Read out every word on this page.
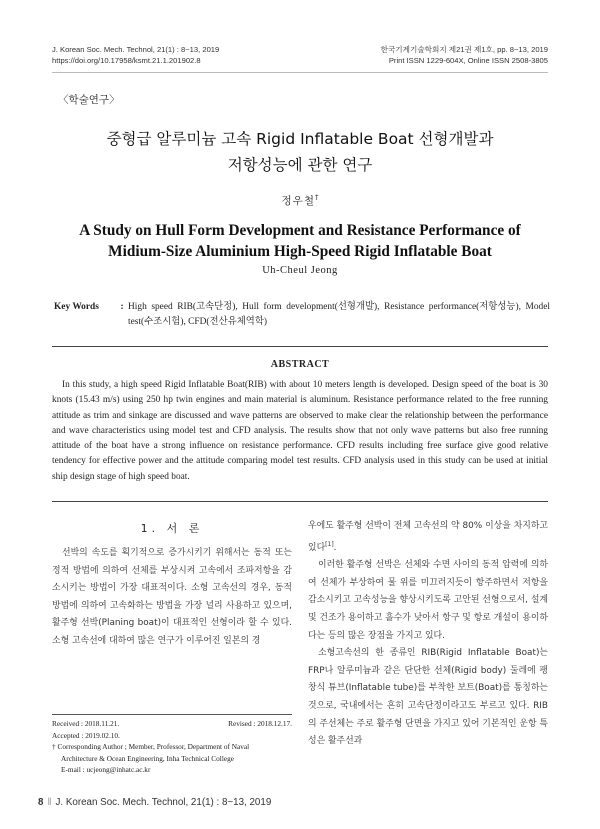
J. Korean Soc. Mech. Technol, 21(1) : 8~13, 2019
https://doi.org/10.17958/ksmt.21.1.201902.8
한국기계기술학회지 제21권 제1호, pp. 8~13, 2019
Print ISSN 1229-604X, Online ISSN 2508-3805
〈학술연구〉
중형급 알루미늄 고속 Rigid Inflatable Boat 선형개발과
저항성능에 관한 연구
정우철†
A Study on Hull Form Development and Resistance Performance of
Midium-Size Aluminium High-Speed Rigid Inflatable Boat
Uh-Cheul Jeong
Key Words	: High speed RIB(고속단정), Hull form development(선형개발), Resistance performance(저항성능), Model test(수조시험), CFD(전산유체역학)
ABSTRACT
In this study, a high speed Rigid Inflatable Boat(RIB) with about 10 meters length is developed. Design speed of the boat is 30 knots (15.43 m/s) using 250 hp twin engines and main material is aluminum. Resistance performance related to the free running attitude as trim and sinkage are discussed and wave patterns are observed to make clear the relationship between the performance and wave characteristics using model test and CFD analysis. The results show that not only wave patterns but also free running attitude of the boat have a strong influence on resistance performance. CFD results including free surface give good relative tendency for effective power and the attitude comparing model test results. CFD analysis used in this study can be used at initial ship design stage of high speed boat.
1. 서 론

선박의 속도를 획기적으로 증가시키기 위해서는 동적 또는 정적 방법에 의하여 선체를 부상시켜 고속에서 조파저항을 감소시키는 방법이 가장 대표적이다. 소형 고속선의 경우, 동적 방법에 의하여 고속화하는 방법을 가장 널리 사용하고 있으며, 활주형 선박(Planing boat)이 대표적인 선형이라 할 수 있다. 소형 고속선에 대하여 많은 연구가 이루어진 일본의 경

우에도 활주형 선박이 전체 고속선의 약 80% 이상을 차지하고 있다[1].

이러한 활주형 선박은 선체와 수면 사이의 동적 압력에 의하여 선체가 부상하여 물 위를 미끄러지듯이 항주하면서 저항을 감소시키고 고속성능을 향상시키도록 고안된 선형으로서, 설계 및 건조가 용이하고 흘수가 낮아서 항구 및 항로 개설이 용이하다는 등의 많은 장점을 가지고 있다.

소형고속선의 한 종류인 RIB(Rigid Inflatable Boat)는 FRP나 알루미늄과 같은 단단한 선체(Rigid body) 둘레에 팽창식 튜브(Inflatable tube)를 부착한 보트(Boat)를 통칭하는 것으로, 국내에서는 흔히 고속단정이라고도 부르고 있다. RIB의 주선체는 주로 활주형 단면을 가지고 있어 기본적인 운항 특성은 활주선과

Received : 2018.11.21.	Revised : 2018.12.17.
Accepted : 2019.02.10.
† Corresponding Author ; Member, Professor, Department of Naval
Architecture & Ocean Engineering, Inha Technical College
E-mail : ucjeong@inhatc.ac.kr
8 ‖ J. Korean Soc. Mech. Technol, 21(1) : 8~13, 2019
